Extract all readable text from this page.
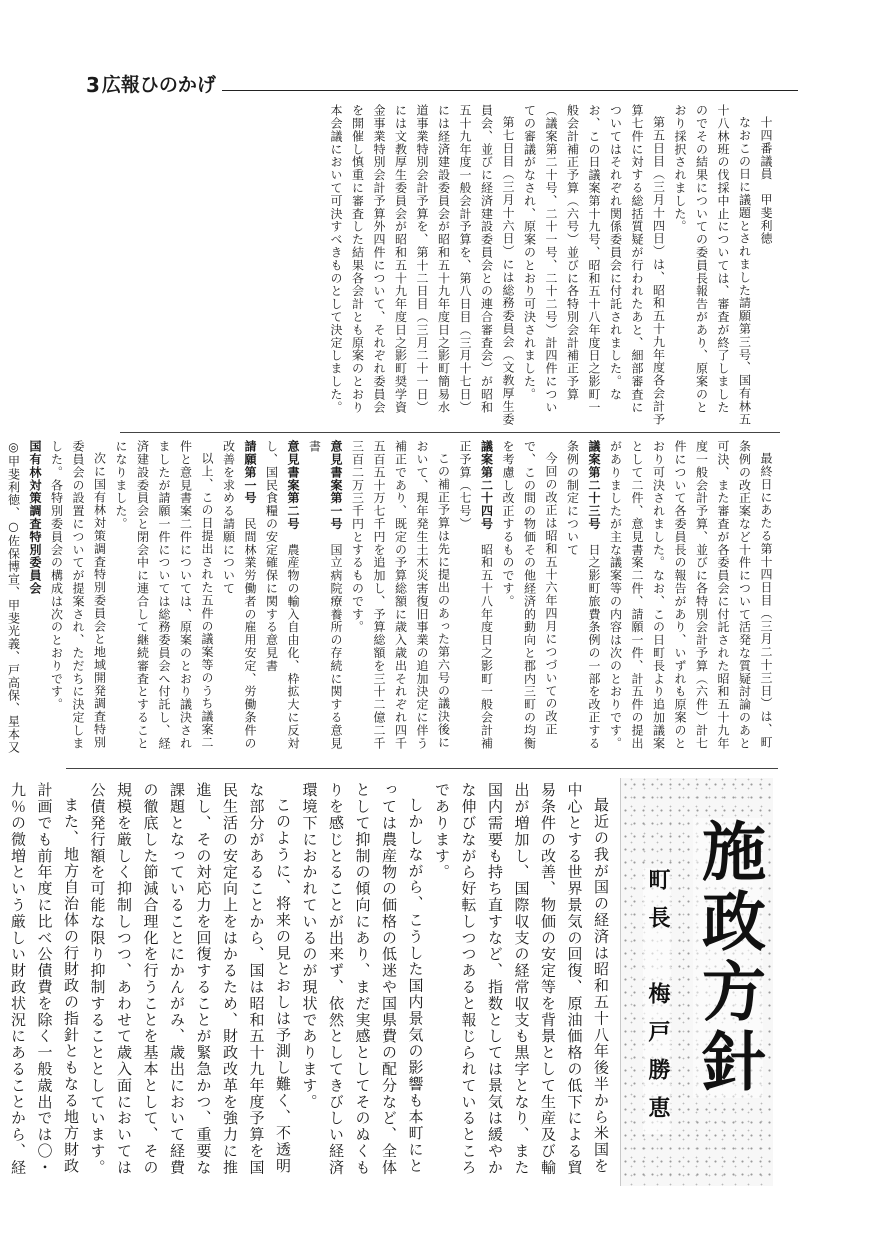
3 広報ひのかげ

十四番議員　甲斐利徳

なおこの日に議題とされました請願第三号、国有林五十八林班の伐採中止については、審査が終了しましたのでその結果についての委員長報告があり、原案のとおり採択されました。

第五日目（三月十四日）は、昭和五十九年度各会計予算七件に対する総括質疑が行われたあと、細部審査についてはそれぞれ関係委員会に付託されました。なお、この日議案第十九号、昭和五十八年度日之影町一般会計補正予算（六号）並びに各特別会計補正予算（議案第二十号、二十一号、二十二号）計四件についての審議がなされ、原案のとおり可決されました。

第七日目（三月十六日）には総務委員会（文教厚生委員会、並びに経済建設委員会との連合審査会）が昭和五十九年度一般会計予算を、第八日目（三月十七日）には経済建設委員会が昭和五十九年度日之影町簡易水道事業特別会計予算を、第十二日目（三月二十一日）には文教厚生委員会が昭和五十九年度日之影町奨学資金事業特別会計予算外四件について、それぞれ委員会を開催し慎重に審査した結果各会計とも原案のとおり本会議において可決すべきものとして決定しました。

最終日にあたる第十四日目（三月二十三日）は、町条例の改正案など十件について活発な質疑討論のあと可決、また審査が各委員会に付託された昭和五十九年度一般会計予算、並びに各特別会計予算（六件）計七件について各委員長の報告があり、いずれも原案のとおり可決されました。なお、この日町長より追加議案として二件、意見書案二件、請願一件、計五件の提出がありましたが主な議案等の内容は次のとおりです。

議案第二十三号　日之影町旅費条例の一部を改正する条例の制定について

今回の改正は昭和五十六年四月につづいての改正で、この間の物価その他経済的動向と郡内三町の均衡を考慮し改正するものです。

議案第二十四号　昭和五十八年度日之影町一般会計補正予算（七号）

この補正予算は先に提出のあった第六号の議決後において、現年発生土木災害復旧事業の追加決定に伴う補正であり、既定の予算総額に歳入歳出それぞれ四千五百五十万七千円を追加し、予算総額を三十二億二千三百二万三千円とするものです。

意見書案第一号　国立病院療養所の存続に関する意見書

意見書案第二号　農産物の輸入自由化、枠拡大に反対し、国民食糧の安定確保に関する意見書

請願第一号　民間林業労働者の雇用安定、労働条件の改善を求める請願について

以上、この日提出された五件の議案等のうち議案二件と意見書案二件については、原案のとおり議決されましたが請願一件については総務委員会へ付託し、経済建設委員会と閉会中に連合して継続審査とすることになりました。

次に国有林対策調査特別委員会と地域開発調査特別委員会の設置についてが提案され、ただちに決定しました。各特別委員会の構成は次のとおりです。

国有林対策調査特別委員会

◎甲斐利徳、○佐保博宣、甲斐光義、戸高保、星本又

施政方針
町長　梅戸勝恵

最近の我が国の経済は昭和五十八年後半から米国を中心とする世界景気の回復、原油価格の低下による貿易条件の改善、物価の安定等を背景として生産及び輸出が増加し、国際収支の経常収支も黒字となり、また国内需要も持ち直すなど、指数としては景気は緩やかな伸びながら好転しつつあると報じられているところであります。

しかしながら、こうした国内景気の影響も本町にとっては農産物の価格の低迷や国県費の配分など、全体として抑制の傾向にあり、まだ実感としてそのぬくもりを感じとることが出来ず、依然としてきびしい経済環境下におかれているのが現状であります。

このように、将来の見とおしは予測し難く、不透明な部分があることから、国は昭和五十九年度予算を国民生活の安定向上をはかるため、財政改革を強力に推進し、その対応力を回復することが緊急かつ、重要な課題となっていることにかんがみ、歳出において経費の徹底した節減合理化を行うことを基本として、その規模を厳しく抑制しつつ、あわせて歳入面においては公債発行額を可能な限り抑制することとしています。

また、地方自治体の行財政の指針ともなる地方財政計画でも前年度に比べ公債費を除く一般歳出では〇・九％の微増という厳しい財政状況にあることから、経
